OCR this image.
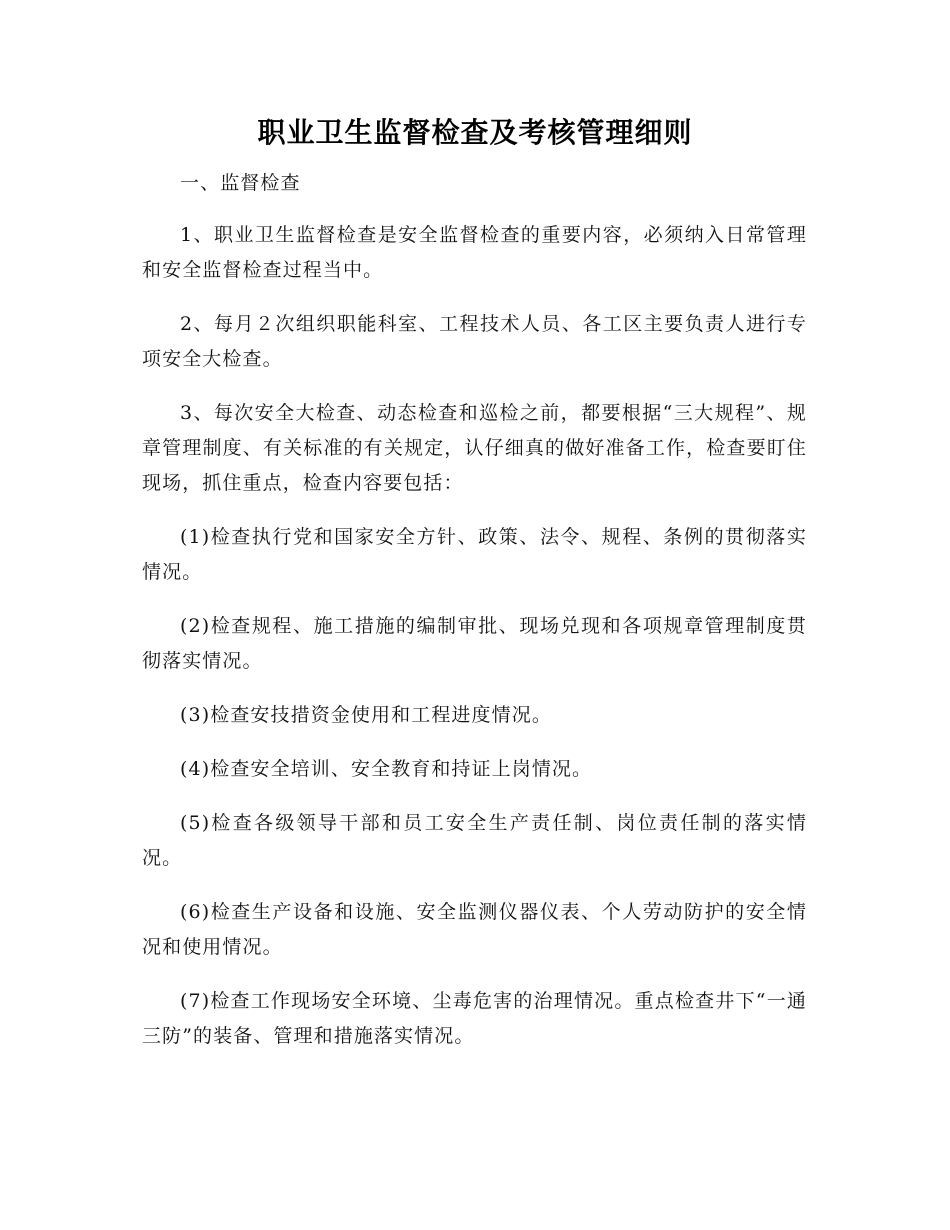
职业卫生监督检查及考核管理细则

一、监督检查

1、职业卫生监督检查是安全监督检查的重要内容，必须纳入日常管理和安全监督检查过程当中。

2、每月２次组织职能科室、工程技术人员、各工区主要负责人进行专项安全大检查。

3、每次安全大检查、动态检查和巡检之前，都要根据“三大规程”、规章管理制度、有关标准的有关规定，认仔细真的做好准备工作，检查要盯住现场，抓住重点，检查内容要包括：

(1)检查执行党和国家安全方针、政策、法令、规程、条例的贯彻落实情况。

(2)检查规程、施工措施的编制审批、现场兑现和各项规章管理制度贯彻落实情况。

(3)检查安技措资金使用和工程进度情况。

(4)检查安全培训、安全教育和持证上岗情况。

(5)检查各级领导干部和员工安全生产责任制、岗位责任制的落实情况。

(6)检查生产设备和设施、安全监测仪器仪表、个人劳动防护的安全情况和使用情况。

(7)检查工作现场安全环境、尘毒危害的治理情况。重点检查井下“一通三防”的装备、管理和措施落实情况。
